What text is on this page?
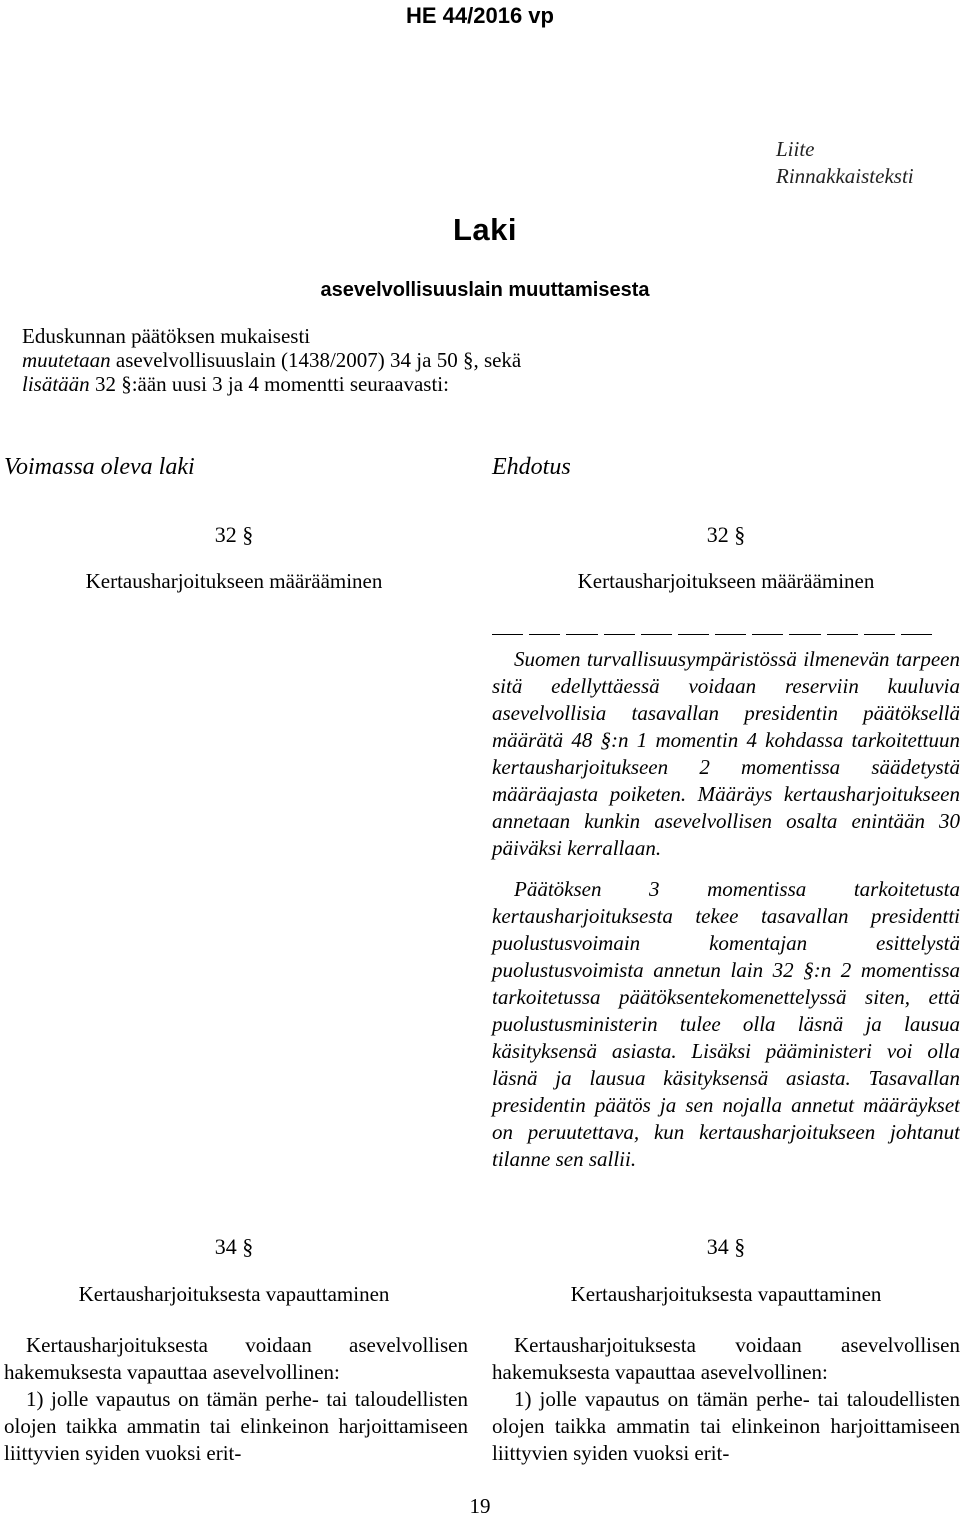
HE 44/2016 vp
Liite
Rinnakkaisteksti
Laki
asevelvollisuuslain muuttamisesta
Eduskunnan päätöksen mukaisesti
muutetaan asevelvollisuuslain (1438/2007) 34 ja 50 §, sekä
lisätään 32 §:ään uusi 3 ja 4 momentti seuraavasti:
Voimassa oleva laki	Ehdotus
32 §
Kertausharjoitukseen määrääminen
32 §
Kertausharjoitukseen määrääminen
Suomen turvallisuusympäristössä ilmenevän tarpeen sitä edellyttäessä voidaan reserviin kuuluvia asevelvollisia tasavallan presidentin päätöksellä määrätä 48 §:n 1 momentin 4 kohdassa tarkoitettuun kertausharjoitukseen 2 momentissa säädetystä määräajasta poiketen. Määräys kertausharjoitukseen annetaan kunkin asevelvollisen osalta enintään 30 päiväksi kerrallaan.
Päätöksen 3 momentissa tarkoitetusta kertausharjoituksesta tekee tasavallan presidentti puolustusvoimain komentajan esittelystä puolustusvoimista annetun lain 32 §:n 2 momentissa tarkoitetussa päätöksentekomenettelyssä siten, että puolustusministerin tulee olla läsnä ja lausua käsityksensä asiasta. Lisäksi pääministeri voi olla läsnä ja lausua käsityksensä asiasta. Tasavallan presidentin päätös ja sen nojalla annetut määräykset on peruutettava, kun kertausharjoitukseen johtanut tilanne sen sallii.
34 §
Kertausharjoituksesta vapauttaminen
Kertausharjoituksesta voidaan asevelvollisen hakemuksesta vapauttaa asevelvollinen:
1) jolle vapautus on tämän perhe- tai taloudellisten olojen taikka ammatin tai elinkeinon harjoittamiseen liittyvien syiden vuoksi erit-
34 §
Kertausharjoituksesta vapauttaminen
Kertausharjoituksesta voidaan asevelvollisen hakemuksesta vapauttaa asevelvollinen:
1) jolle vapautus on tämän perhe- tai taloudellisten olojen taikka ammatin tai elinkeinon harjoittamiseen liittyvien syiden vuoksi erit-
19
